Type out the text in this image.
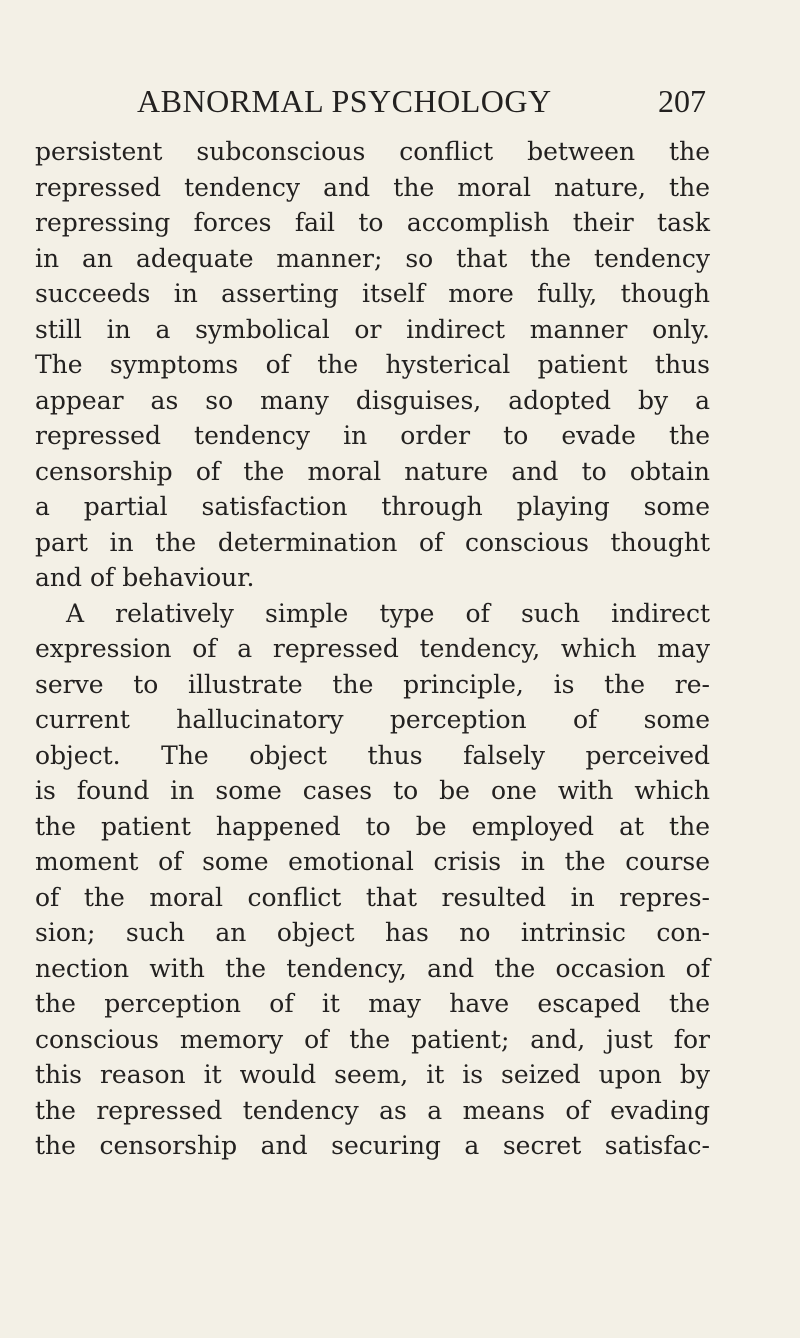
ABNORMAL PSYCHOLOGY	207
persistent subconscious conflict between the
repressed tendency and the moral nature, the
repressing forces fail to accomplish their task
in an adequate manner; so that the tendency
succeeds in asserting itself more fully, though
still in a symbolical or indirect manner only.
The symptoms of the hysterical patient thus
appear as so many disguises, adopted by a
repressed tendency in order to evade the
censorship of the moral nature and to obtain
a partial satisfaction through playing some
part in the determination of conscious thought
and of behaviour.
A relatively simple type of such indirect
expression of a repressed tendency, which may
serve to illustrate the principle, is the re-
current hallucinatory perception of some
object. The object thus falsely perceived
is found in some cases to be one with which
the patient happened to be employed at the
moment of some emotional crisis in the course
of the moral conflict that resulted in repres-
sion; such an object has no intrinsic con-
nection with the tendency, and the occasion of
the perception of it may have escaped the
conscious memory of the patient; and, just for
this reason it would seem, it is seized upon by
the repressed tendency as a means of evading
the censorship and securing a secret satisfac-
